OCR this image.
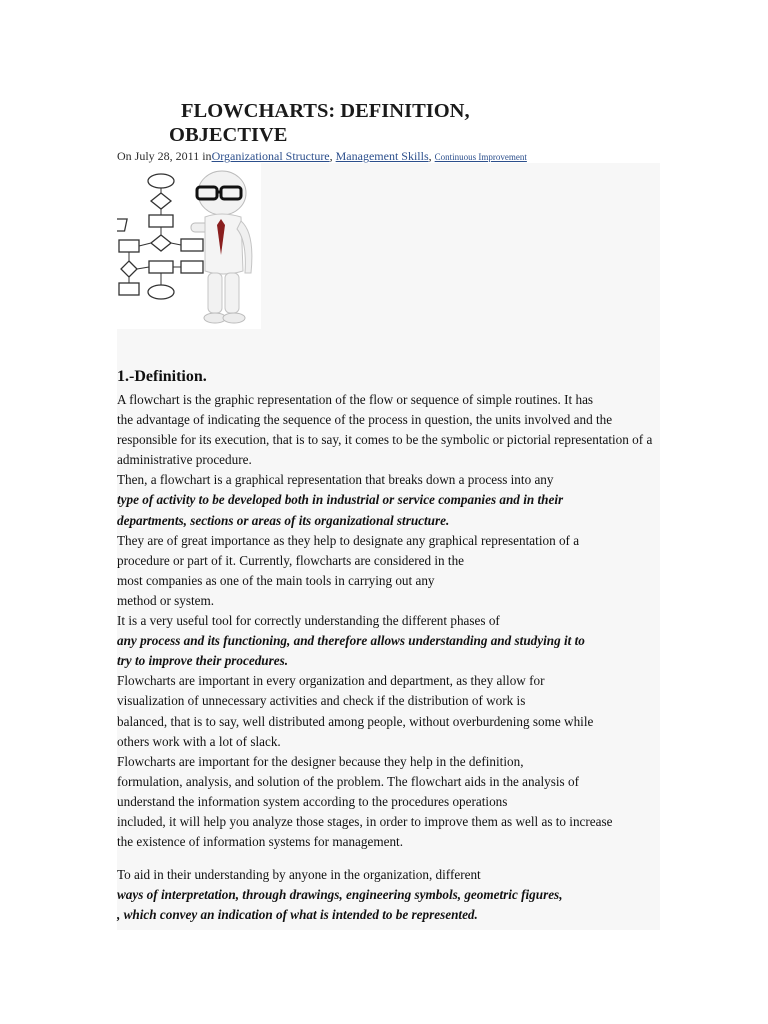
FLOWCHARTS: DEFINITION,
OBJECTIVE
On July 28, 2011 inOrganizational Structure, Management Skills, Continuous Improvement
1.-Definition.
A flowchart is the graphic representation of the flow or sequence of simple routines. It has
the advantage of indicating the sequence of the process in question, the units involved and the
responsible for its execution, that is to say, it comes to be the symbolic or pictorial representation of a
administrative procedure.
Then, a flowchart is a graphical representation that breaks down a process into any
type of activity to be developed both in industrial or service companies and in their
departments, sections or areas of its organizational structure.
They are of great importance as they help to designate any graphical representation of a
procedure or part of it. Currently, flowcharts are considered in the
most companies as one of the main tools in carrying out any
method or system.
It is a very useful tool for correctly understanding the different phases of
any process and its functioning, and therefore allows understanding and studying it to
try to improve their procedures.
Flowcharts are important in every organization and department, as they allow for
visualization of unnecessary activities and check if the distribution of work is
balanced, that is to say, well distributed among people, without overburdening some while
others work with a lot of slack.
Flowcharts are important for the designer because they help in the definition,
formulation, analysis, and solution of the problem. The flowchart aids in the analysis of
understand the information system according to the procedures operations
included, it will help you analyze those stages, in order to improve them as well as to increase
the existence of information systems for management.
To aid in their understanding by anyone in the organization, different
ways of interpretation, through drawings, engineering symbols, geometric figures,
, which convey an indication of what is intended to be represented.
